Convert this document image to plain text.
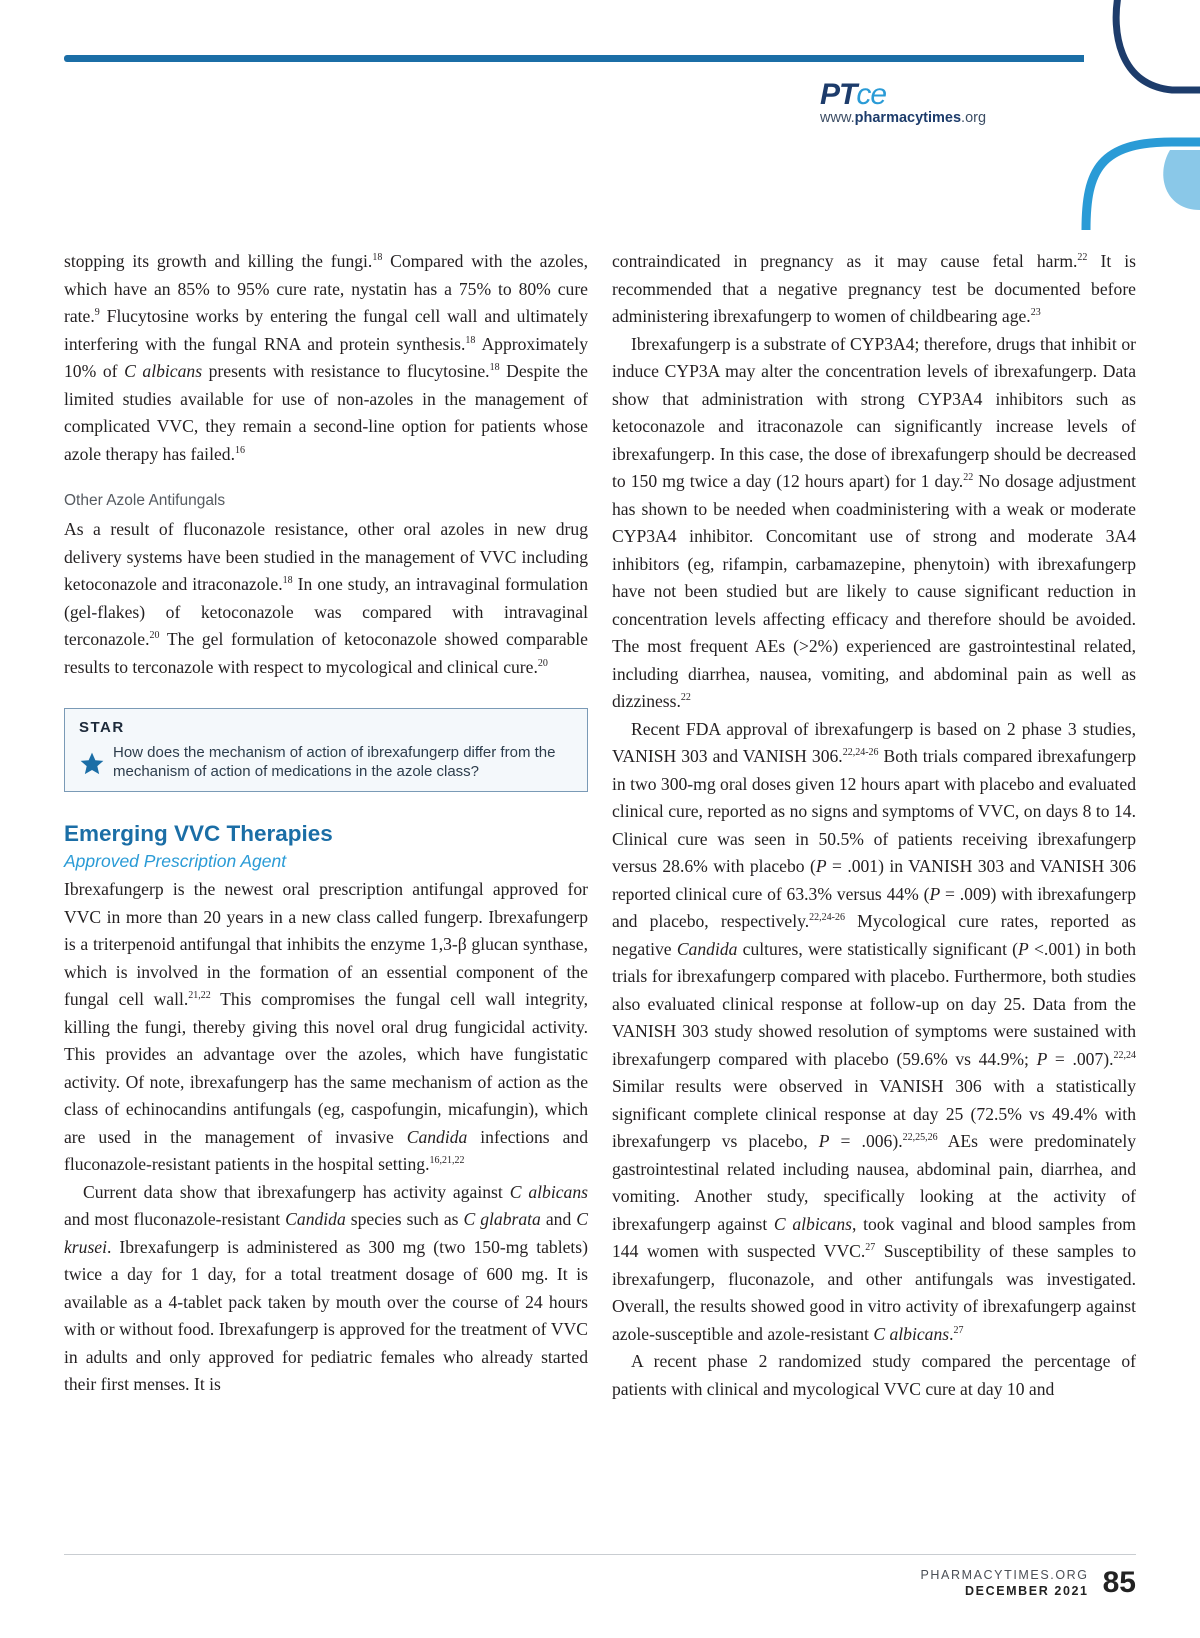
PTce
www.pharmacytimes.org

stopping its growth and killing the fungi.$^{18}$ Compared with the azoles, which have an 85% to 95% cure rate, nystatin has a 75% to 80% cure rate.$^9$ Flucytosine works by entering the fungal cell wall and ultimately interfering with the fungal RNA and protein synthesis.$^{18}$ Approximately 10% of C albicans presents with resistance to flucytosine.$^{18}$ Despite the limited studies available for use of non-azoles in the management of complicated VVC, they remain a second-line option for patients whose azole therapy has failed.$^{16}$

Other Azole Antifungals

As a result of fluconazole resistance, other oral azoles in new drug delivery systems have been studied in the management of VVC including ketoconazole and itraconazole.$^{18}$ In one study, an intravaginal formulation (gel-flakes) of ketoconazole was compared with intravaginal terconazole.$^{20}$ The gel formulation of ketoconazole showed comparable results to terconazole with respect to mycological and clinical cure.$^{20}$

STAR
How does the mechanism of action of ibrexafungerp differ from the mechanism of action of medications in the azole class?
Emerging VVC Therapies
Approved Prescription Agent

Ibrexafungerp is the newest oral prescription antifungal approved for VVC in more than 20 years in a new class called fungerp. Ibrexafungerp is a triterpenoid antifungal that inhibits the enzyme 1,3-β glucan synthase, which is involved in the formation of an essential component of the fungal cell wall.$^{21,22}$ This compromises the fungal cell wall integrity, killing the fungi, thereby giving this novel oral drug fungicidal activity. This provides an advantage over the azoles, which have fungistatic activity. Of note, ibrexafungerp has the same mechanism of action as the class of echinocandins antifungals (eg, caspofungin, micafungin), which are used in the management of invasive Candida infections and fluconazole-resistant patients in the hospital setting.$^{16,21,22}$

Current data show that ibrexafungerp has activity against C albicans and most fluconazole-resistant Candida species such as C glabrata and C krusei. Ibrexafungerp is administered as 300 mg (two 150-mg tablets) twice a day for 1 day, for a total treatment dosage of 600 mg. It is available as a 4-tablet pack taken by mouth over the course of 24 hours with or without food. Ibrexafungerp is approved for the treatment of VVC in adults and only approved for pediatric females who already started their first menses. It is

contraindicated in pregnancy as it may cause fetal harm.$^{22}$ It is recommended that a negative pregnancy test be documented before administering ibrexafungerp to women of childbearing age.$^{23}$

Ibrexafungerp is a substrate of CYP3A4; therefore, drugs that inhibit or induce CYP3A may alter the concentration levels of ibrexafungerp. Data show that administration with strong CYP3A4 inhibitors such as ketoconazole and itraconazole can significantly increase levels of ibrexafungerp. In this case, the dose of ibrexafungerp should be decreased to 150 mg twice a day (12 hours apart) for 1 day.$^{22}$ No dosage adjustment has shown to be needed when coadministering with a weak or moderate CYP3A4 inhibitor. Concomitant use of strong and moderate 3A4 inhibitors (eg, rifampin, carbamazepine, phenytoin) with ibrexafungerp have not been studied but are likely to cause significant reduction in concentration levels affecting efficacy and therefore should be avoided. The most frequent AEs (>2%) experienced are gastrointestinal related, including diarrhea, nausea, vomiting, and abdominal pain as well as dizziness.$^{22}$

Recent FDA approval of ibrexafungerp is based on 2 phase 3 studies, VANISH 303 and VANISH 306.$^{22,24-26}$ Both trials compared ibrexafungerp in two 300-mg oral doses given 12 hours apart with placebo and evaluated clinical cure, reported as no signs and symptoms of VVC, on days 8 to 14. Clinical cure was seen in 50.5% of patients receiving ibrexafungerp versus 28.6% with placebo (P = .001) in VANISH 303 and VANISH 306 reported clinical cure of 63.3% versus 44% (P = .009) with ibrexafungerp and placebo, respectively.$^{22,24-26}$ Mycological cure rates, reported as negative Candida cultures, were statistically significant (P <.001) in both trials for ibrexafungerp compared with placebo. Furthermore, both studies also evaluated clinical response at follow-up on day 25. Data from the VANISH 303 study showed resolution of symptoms were sustained with ibrexafungerp compared with placebo (59.6% vs 44.9%; P = .007).$^{22,24}$ Similar results were observed in VANISH 306 with a statistically significant complete clinical response at day 25 (72.5% vs 49.4% with ibrexafungerp vs placebo, P = .006).$^{22,25,26}$ AEs were predominately gastrointestinal related including nausea, abdominal pain, diarrhea, and vomiting. Another study, specifically looking at the activity of ibrexafungerp against C albicans, took vaginal and blood samples from 144 women with suspected VVC.$^{27}$ Susceptibility of these samples to ibrexafungerp, fluconazole, and other antifungals was investigated. Overall, the results showed good in vitro activity of ibrexafungerp against azole-susceptible and azole-resistant C albicans.$^{27}$

A recent phase 2 randomized study compared the percentage of patients with clinical and mycological VVC cure at day 10 and

PHARMACYTIMES.ORG
DECEMBER 2021 85
